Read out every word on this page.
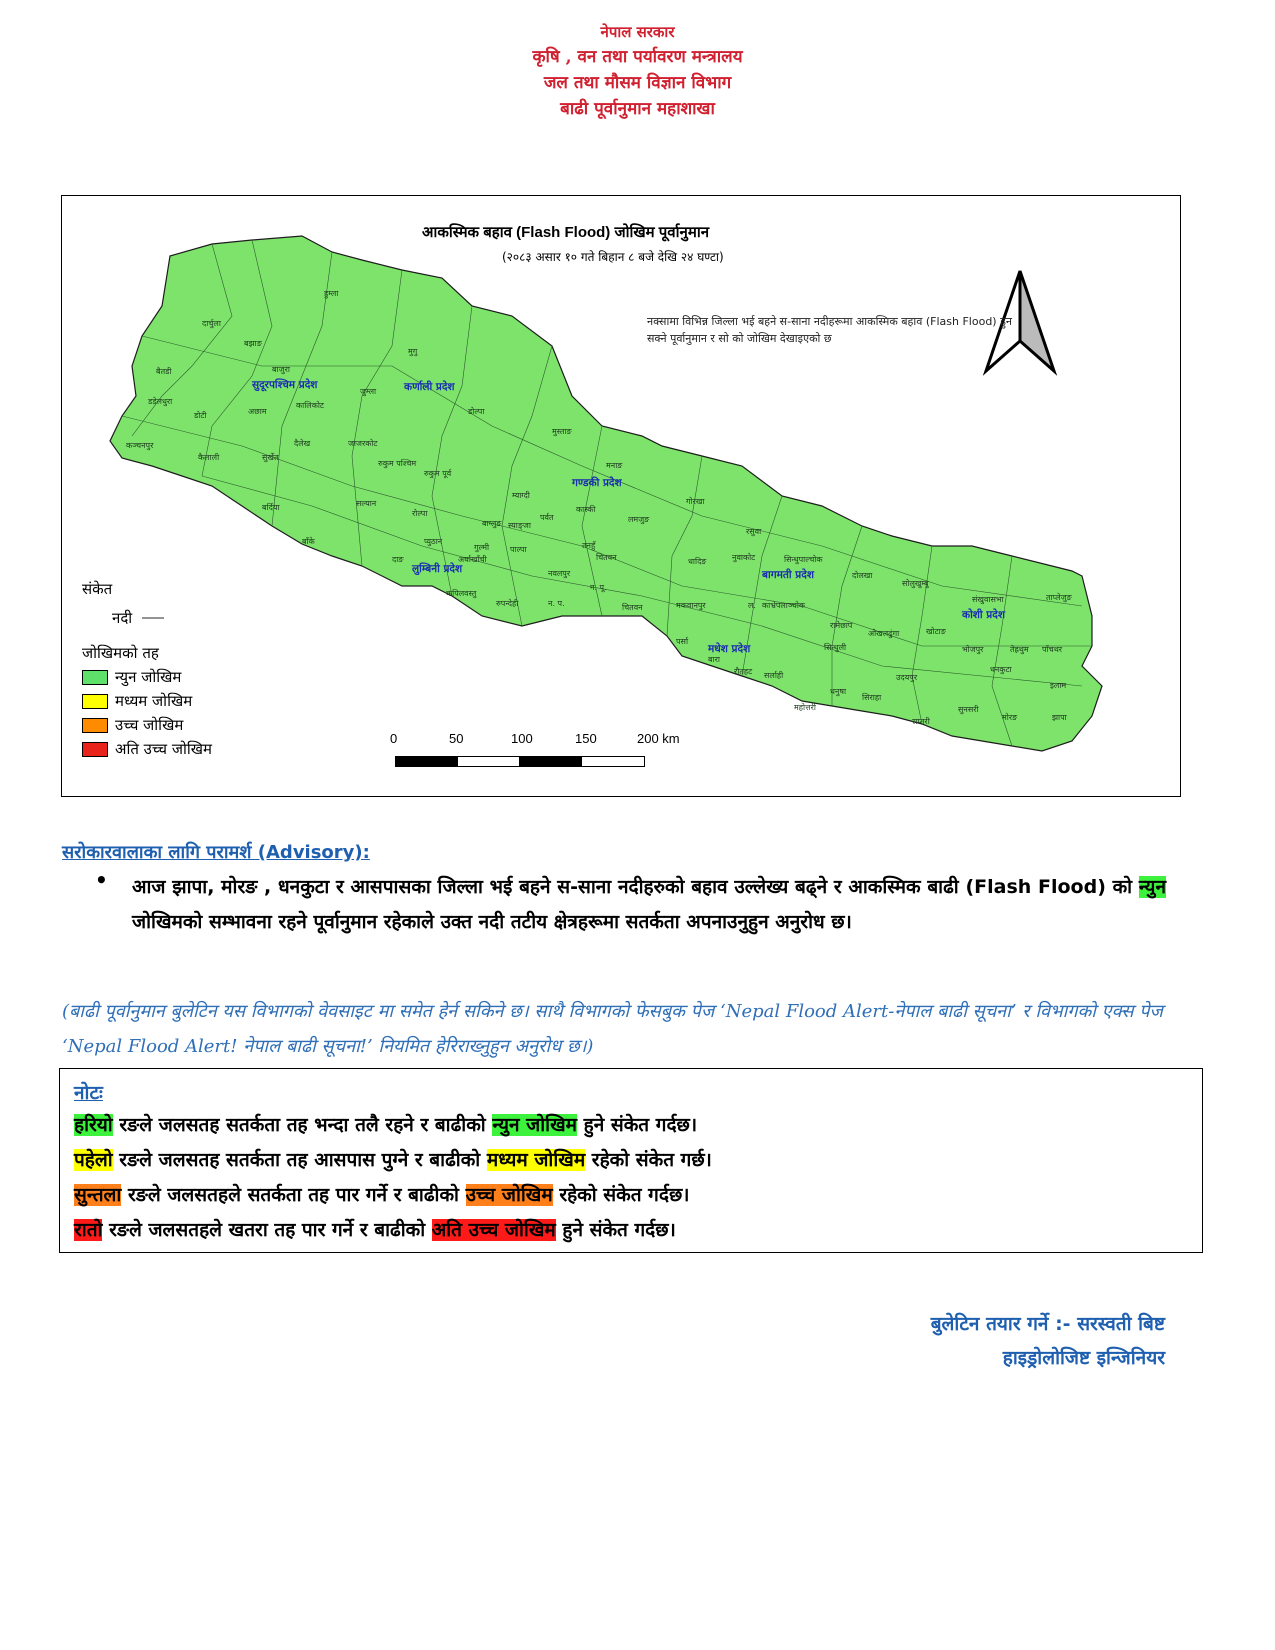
नेपाल सरकार
कृषि , वन तथा पर्यावरण मन्त्रालय
जल तथा मौसम विज्ञान विभाग
बाढी पूर्वानुमान महाशाखा
आकस्मिक बहाव (Flash Flood) जोखिम पूर्वानुमान
(२०८३ असार १० गते बिहान ८ बजे देखि २४ घण्टा)
नक्सामा विभिन्न जिल्ला भई बहने स-साना नदीहरूमा आकस्मिक बहाव (Flash Flood) हुन सक्ने पूर्वानुमान र सो को जोखिम देखाइएको छ
दार्चुला
बझाङ
हुम्ला
बैतडी	बाजुरा
मुगु
डडेलधुरा
डोटी	अछाम
जुम्ला
कालिकोट
डोल्पा
कञ्चनपुर	दैलेख	जाजरकोट
मुस्ताङ
सुर्खेत
कैलाली
रुकुम पश्चिम
रुकुम पूर्व
मनाङ
म्याग्दी
गोरखा
बर्दिया	सल्यान
रोल्पा	कास्की
बाग्लुङ	लमजुङ
पर्वत
बाँके	प्युठान
गुल्मी
स्याङ्जा
तनहुँ
रसुवा
नुवाकोट	सिन्धुपाल्चोक
धादिङ
दाङ	अर्घाखाँची
पाल्पा
नवलपुर
चितवन
दोलखा
सोलुखुम्बु
संखुवासभा	ताप्लेजुङ
कपिलवस्तु
रुपन्देही	न. प.
न. पू.
चितवन	मकवानपुर	ल. काभ्रेपलाञ्चोक
रामेछाप
ओखलढुंगा	खोटाङ
भोजपुर	तेह्रथुम पाँचथर
पर्सा
बारा
सिन्धुली
रौतहट सर्लाही	उदयपुर
धनकुटा
इलाम
महोत्तरी
धनुषा
सिराहा
सप्तरी
सुनसरी
मोरङ	झापा
सुदूरपश्चिम प्रदेश	कर्णाली प्रदेश
गण्डकी प्रदेश
लुम्बिनी प्रदेश	बागमती प्रदेश
कोशी प्रदेश
मधेश प्रदेश
संकेत
नदी
जोखिमको तह
न्युन जोखिम
मध्यम जोखिम
उच्च जोखिम
अति उच्च जोखिम
0	50	100	150	200 km
सरोकारवालाका लागि परामर्श (Advisory):
• आज झापा, मोरङ , धनकुटा र आसपासका जिल्ला भई बहने स-साना नदीहरुको बहाव उल्लेख्य बढ्ने र आकस्मिक बाढी (Flash Flood) को न्युन जोखिमको सम्भावना रहने पूर्वानुमान रहेकाले उक्त नदी तटीय क्षेत्रहरूमा सतर्कता अपनाउनुहुन अनुरोध छ।
(बाढी पूर्वानुमान बुलेटिन यस विभागको वेवसाइट मा समेत हेर्न सकिने छ। साथै विभागको फेसबुक पेज ‘Nepal Flood Alert-नेपाल बाढी सूचना’ र विभागको एक्स पेज ‘Nepal Flood Alert! नेपाल बाढी सूचना!’ नियमित हेरिराख्नुहुन अनुरोध छ।)
नोटः
हरियो रङले जलसतह सतर्कता तह भन्दा तलै रहने र बाढीको न्युन जोखिम हुने संकेत गर्दछ।
पहेलो रङले जलसतह सतर्कता तह आसपास पुग्ने र बाढीको मध्यम जोखिम रहेको संकेत गर्छ।
सुन्तला रङले जलसतहले सतर्कता तह पार गर्ने र बाढीको उच्च जोखिम रहेको संकेत गर्दछ।
रातो रङले जलसतहले खतरा तह पार गर्ने र बाढीको अति उच्च जोखिम हुने संकेत गर्दछ।
बुलेटिन तयार गर्ने :- सरस्वती बिष्ट
हाइड्रोलोजिष्ट इन्जिनियर
